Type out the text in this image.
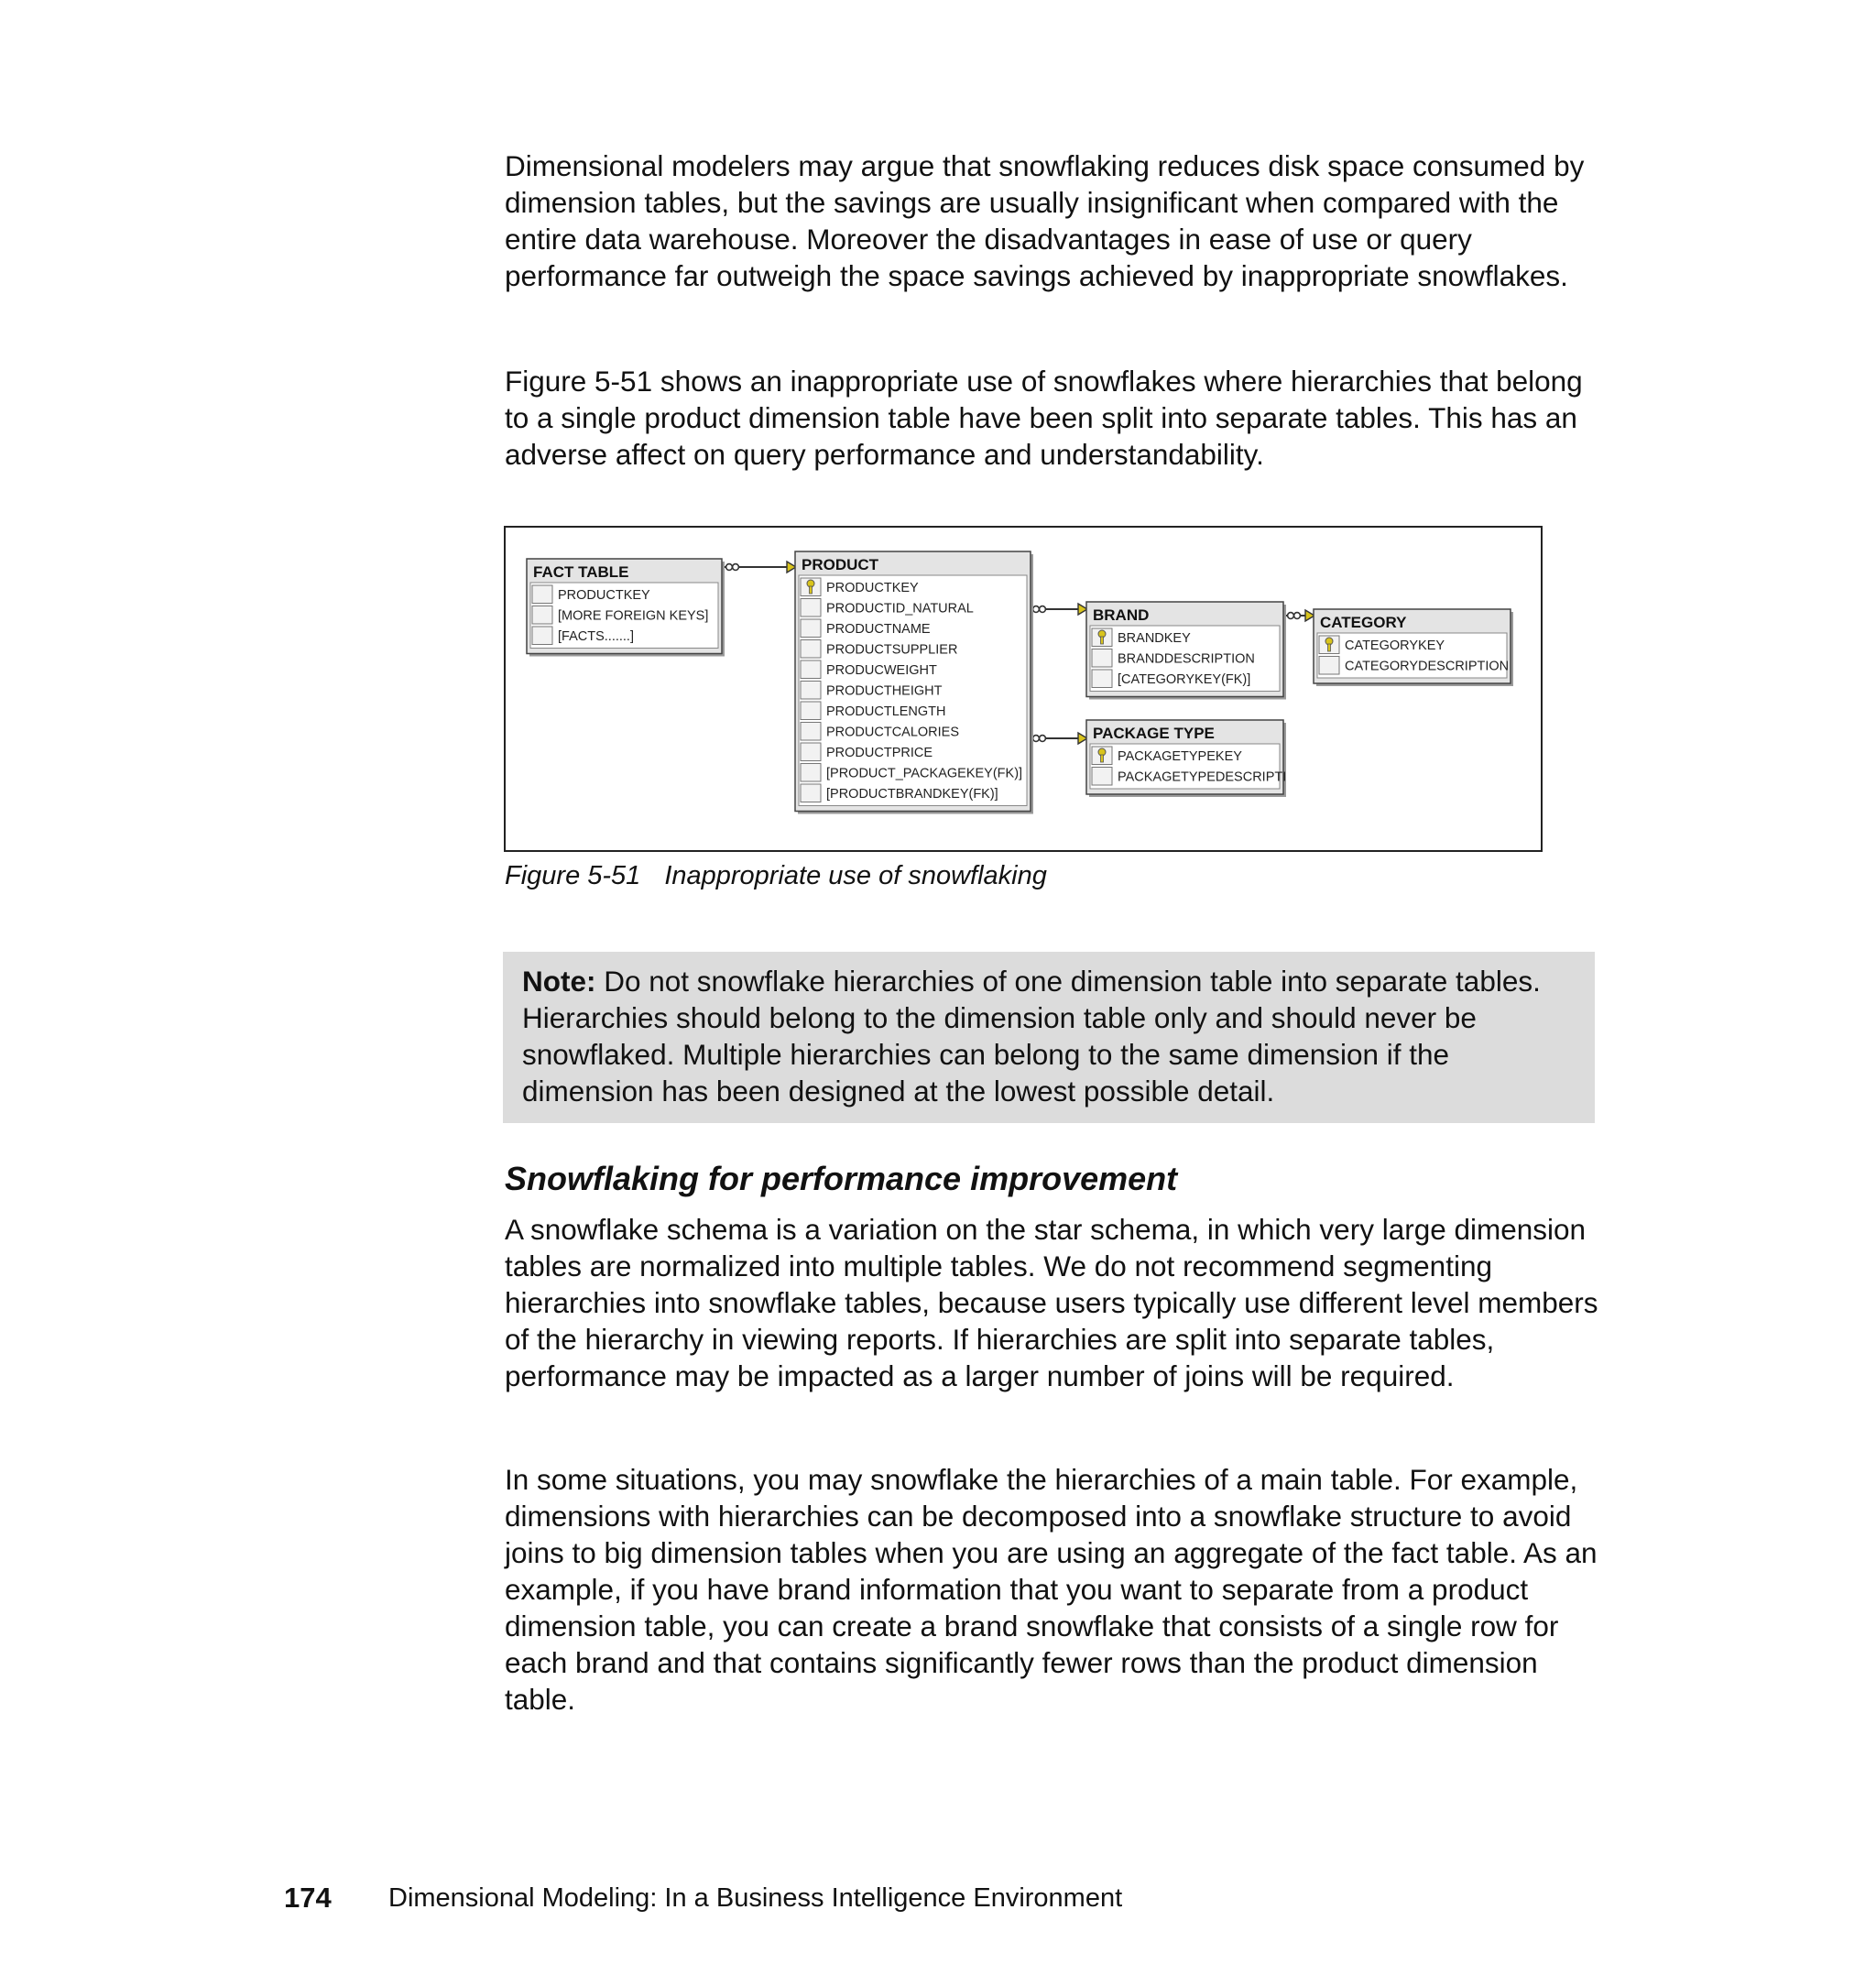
Dimensional modelers may argue that snowflaking reduces disk space consumed by dimension tables, but the savings are usually insignificant when compared with the entire data warehouse. Moreover the disadvantages in ease of use or query performance far outweigh the space savings achieved by inappropriate snowflakes.

Figure 5-51 shows an inappropriate use of snowflakes where hierarchies that belong to a single product dimension table have been split into separate tables. This has an adverse affect on query performance and understandability.

FACT TABLE
PRODUCTKEY
[MORE FOREIGN KEYS]
[FACTS.......]
PRODUCT
PRODUCTKEY
PRODUCTID_NATURAL
PRODUCTNAME
PRODUCTSUPPLIER
PRODUCWEIGHT
PRODUCTHEIGHT
PRODUCTLENGTH
PRODUCTCALORIES
PRODUCTPRICE
[PRODUCT_PACKAGEKEY(FK)]
[PRODUCTBRANDKEY(FK)]
BRAND
BRANDKEY
BRANDDESCRIPTION
[CATEGORYKEY(FK)]
CATEGORY
CATEGORYKEY
CATEGORYDESCRIPTION
PACKAGE TYPE
PACKAGETYPEKEY
PACKAGETYPEDESCRIPTI

Figure 5-51 Inappropriate use of snowflaking

Note: Do not snowflake hierarchies of one dimension table into separate tables. Hierarchies should belong to the dimension table only and should never be snowflaked. Multiple hierarchies can belong to the same dimension if the dimension has been designed at the lowest possible detail.
Snowflaking for performance improvement

A snowflake schema is a variation on the star schema, in which very large dimension tables are normalized into multiple tables. We do not recommend segmenting hierarchies into snowflake tables, because users typically use different level members of the hierarchy in viewing reports. If hierarchies are split into separate tables, performance may be impacted as a larger number of joins will be required.

In some situations, you may snowflake the hierarchies of a main table. For example, dimensions with hierarchies can be decomposed into a snowflake structure to avoid joins to big dimension tables when you are using an aggregate of the fact table. As an example, if you have brand information that you want to separate from a product dimension table, you can create a brand snowflake that consists of a single row for each brand and that contains significantly fewer rows than the product dimension table.

174 Dimensional Modeling: In a Business Intelligence Environment
